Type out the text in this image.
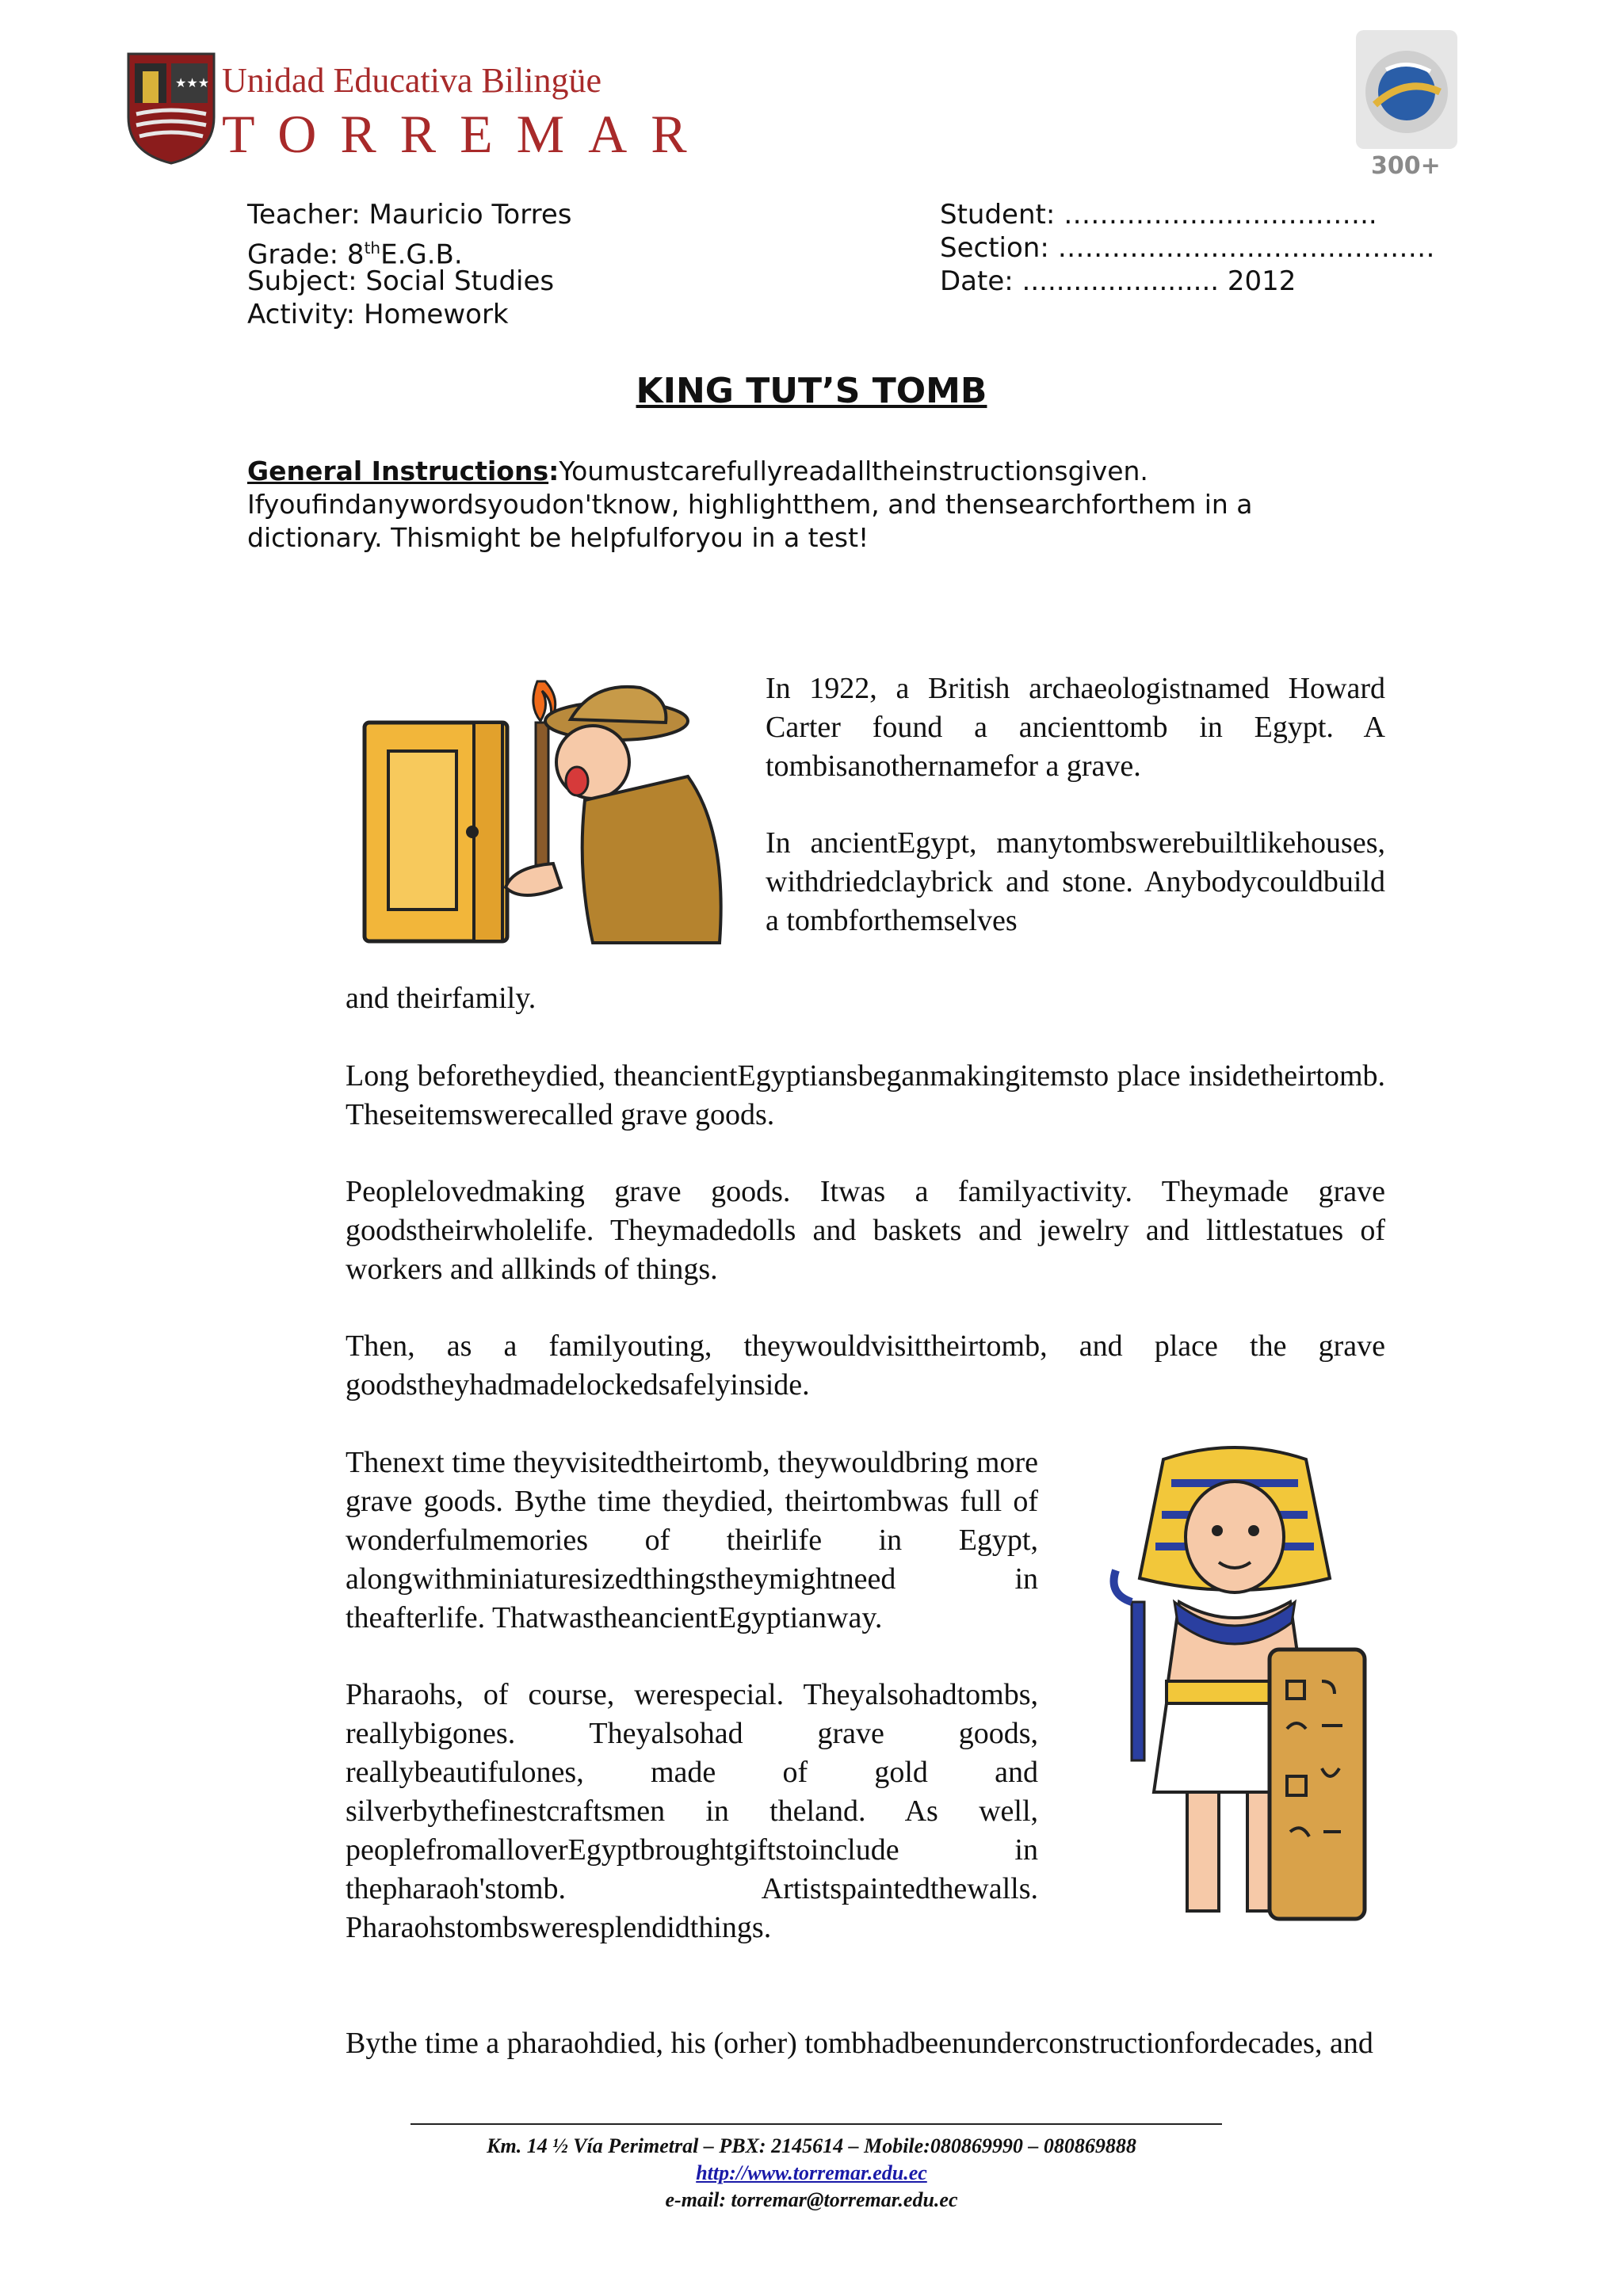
★★★ Unidad Educativa Bilingüe
TORREMAR
300+
Teacher: Mauricio Torres
Grade: 8thE.G.B.
Subject: Social Studies
Activity: Homework
Student: ……………………………..
Section: ……………………………………
Date: ....................... 2012
KING TUT’S TOMB
General Instructions:Youmustcarefullyreadalltheinstructionsgiven. Ifyoufindanywordsyoudon'tknow, highlightthem, and thensearchforthem in a dictionary. Thismight be helpfulforyou in a test!
In 1922, a British archaeologistnamed Howard Carter found a ancienttomb in Egypt. A tombisanothernamefor a grave.
In ancientEgypt, manytombswerebuiltlikehouses, withdriedclaybrick and stone. Anybodycouldbuild a tombforthemselves
and theirfamily.
Long beforetheydied, theancientEgyptiansbeganmakingitemsto place insidetheirtomb. Theseitemswerecalled grave goods.
Peoplelovedmaking grave goods. Itwas a familyactivity. Theymade grave goodstheirwholelife. Theymadedolls and baskets and jewelry and littlestatues of workers and allkinds of things.
Then, as a familyouting, theywouldvisittheirtomb, and place the grave goodstheyhadmadelockedsafelyinside.
Thenext time theyvisitedtheirtomb, theywouldbring more grave goods. Bythe time theydied, theirtombwas full of wonderfulmemories of theirlife in Egypt, alongwithminiaturesizedthingstheymightneed in theafterlife. ThatwastheancientEgyptianway.
Pharaohs, of course, werespecial. Theyalsohadtombs, reallybigones. Theyalsohad grave goods, reallybeautifulones, made of gold and silverbythefinestcraftsmen in theland. As well, peoplefromalloverEgyptbroughtgiftstoinclude in thepharaoh'stomb. Artistspaintedthewalls. Pharaohstombsweresplendidthings.
Bythe time a pharaohdied, his (orher) tombhadbeenunderconstructionfordecades, and
Km. 14 ½ Vía Perimetral – PBX: 2145614 – Mobile:080869990 – 080869888
http://www.torremar.edu.ec
e-mail: torremar@torremar.edu.ec
